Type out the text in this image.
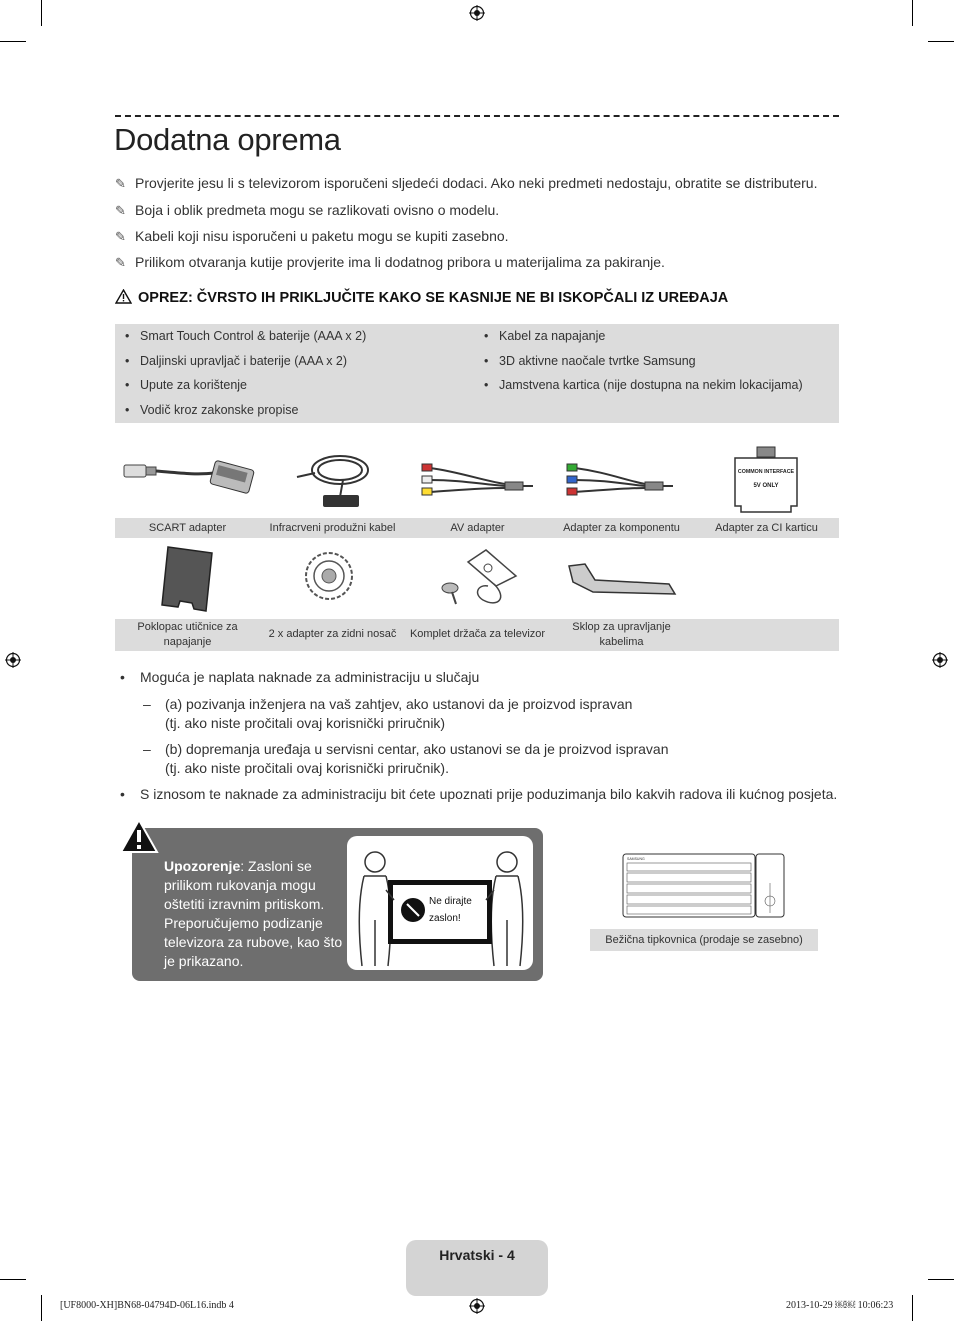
Dodatna oprema
✎ Provjerite jesu li s televizorom isporučeni sljedeći dodaci. Ako neki predmeti nedostaju, obratite se distributeru.
✎ Boja i oblik predmeta mogu se razlikovati ovisno o modelu.
✎ Kabeli koji nisu isporučeni u paketu mogu se kupiti zasebno.
✎ Prilikom otvaranja kutije provjerite ima li dodatnog pribora u materijalima za pakiranje.
OPREZ: ČVRSTO IH PRIKLJUČITE KAKO SE KASNIJE NE BI ISKOPČALI IZ UREĐAJA
• Smart Touch Control & baterije (AAA x 2)
• Daljinski upravljač i baterije (AAA x 2)
• Upute za korištenje
• Vodič kroz zakonske propise
• Kabel za napajanje
• 3D aktivne naočale tvrtke Samsung
• Jamstvena kartica (nije dostupna na nekim lokacijama)
COMMON INTERFACE
5V ONLY
SCART adapter	Infracrveni produžni kabel	AV adapter	Adapter za komponentu	Adapter za CI karticu
Poklopac utičnice za napajanje
2 x adapter za zidni nosač	Komplet držača za televizor
Sklop za upravljanje kabelima
• Moguća je naplata naknade za administraciju u slučaju
– (a) pozivanja inženjera na vaš zahtjev, ako ustanovi da je proizvod ispravan
(tj. ako niste pročitali ovaj korisnički priručnik)
– (b) dopremanja uređaja u servisni centar, ako ustanovi se da je proizvod ispravan
(tj. ako niste pročitali ovaj korisnički priručnik).
• S iznosom te naknade za administraciju bit ćete upoznati prije poduzimanja bilo kakvih radova ili kućnog posjeta.
Upozorenje: Zasloni se prilikom rukovanja mogu oštetiti izravnim pritiskom. Preporučujemo podizanje televizora za rubove, kao što je prikazano.
Ne dirajte
zaslon!
SAMSUNG
Bežična tipkovnica (prodaje se zasebno)
Hrvatski - 4
[UF8000-XH]BN68-04794D-06L16.indb 4	2013-10-29 ￼￼ 10:06:23
